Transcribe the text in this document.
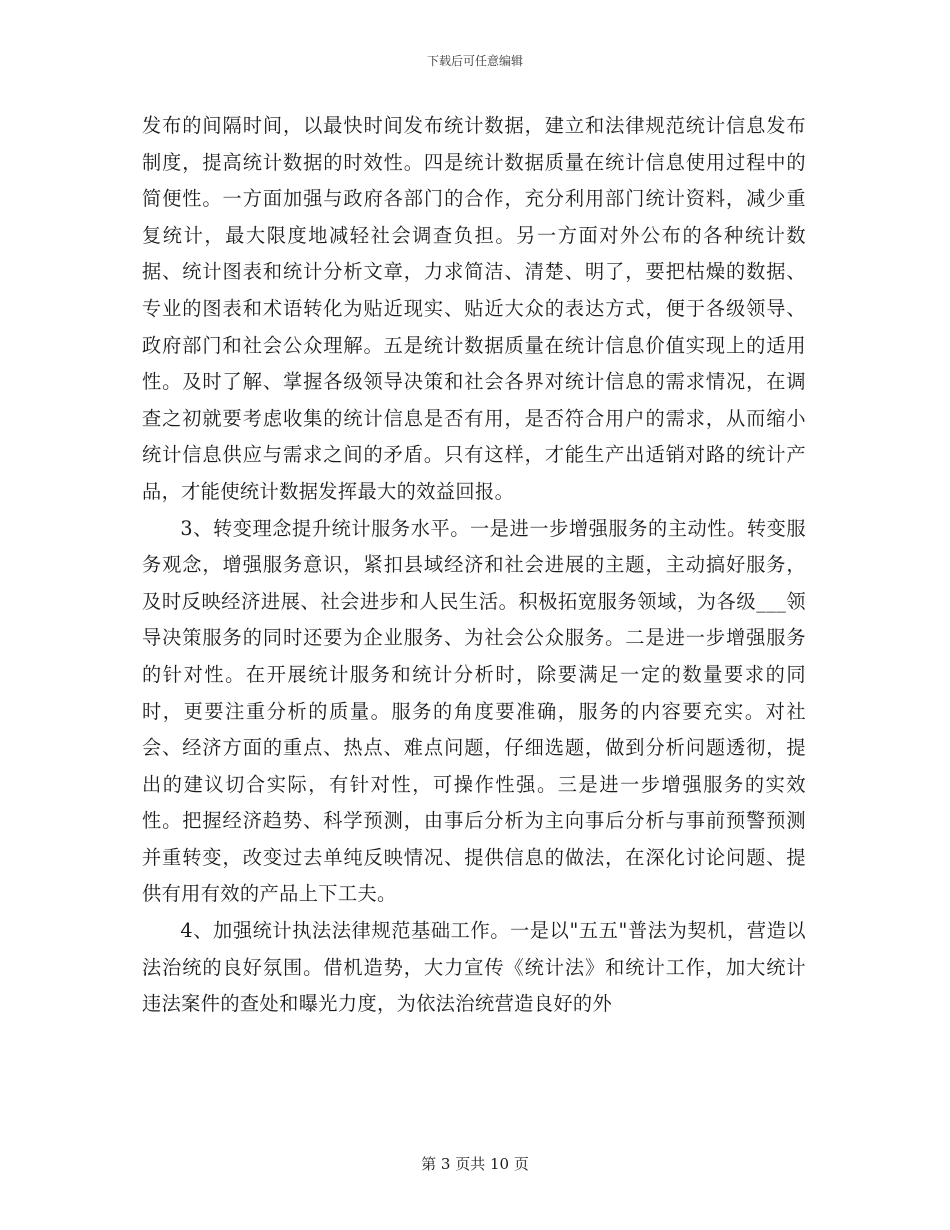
下载后可任意编辑

发布的间隔时间，以最快时间发布统计数据，建立和法律规范统计信息发布制度，提高统计数据的时效性。四是统计数据质量在统计信息使用过程中的简便性。一方面加强与政府各部门的合作，充分利用部门统计资料，减少重复统计，最大限度地减轻社会调查负担。另一方面对外公布的各种统计数据、统计图表和统计分析文章，力求简洁、清楚、明了，要把枯燥的数据、专业的图表和术语转化为贴近现实、贴近大众的表达方式，便于各级领导、政府部门和社会公众理解。五是统计数据质量在统计信息价值实现上的适用性。及时了解、掌握各级领导决策和社会各界对统计信息的需求情况，在调查之初就要考虑收集的统计信息是否有用，是否符合用户的需求，从而缩小统计信息供应与需求之间的矛盾。只有这样，才能生产出适销对路的统计产品，才能使统计数据发挥最大的效益回报。

3、转变理念提升统计服务水平。一是进一步增强服务的主动性。转变服务观念，增强服务意识，紧扣县域经济和社会进展的主题，主动搞好服务，及时反映经济进展、社会进步和人民生活。积极拓宽服务领域，为各级___领导决策服务的同时还要为企业服务、为社会公众服务。二是进一步增强服务的针对性。在开展统计服务和统计分析时，除要满足一定的数量要求的同时，更要注重分析的质量。服务的角度要准确，服务的内容要充实。对社会、经济方面的重点、热点、难点问题，仔细选题，做到分析问题透彻，提出的建议切合实际，有针对性，可操作性强。三是进一步增强服务的实效性。把握经济趋势、科学预测，由事后分析为主向事后分析与事前预警预测并重转变，改变过去单纯反映情况、提供信息的做法，在深化讨论问题、提供有用有效的产品上下工夫。

4、加强统计执法法律规范基础工作。一是以"五五"普法为契机，营造以法治统的良好氛围。借机造势，大力宣传《统计法》和统计工作，加大统计违法案件的查处和曝光力度，为依法治统营造良好的外

第 3 页共 10 页
